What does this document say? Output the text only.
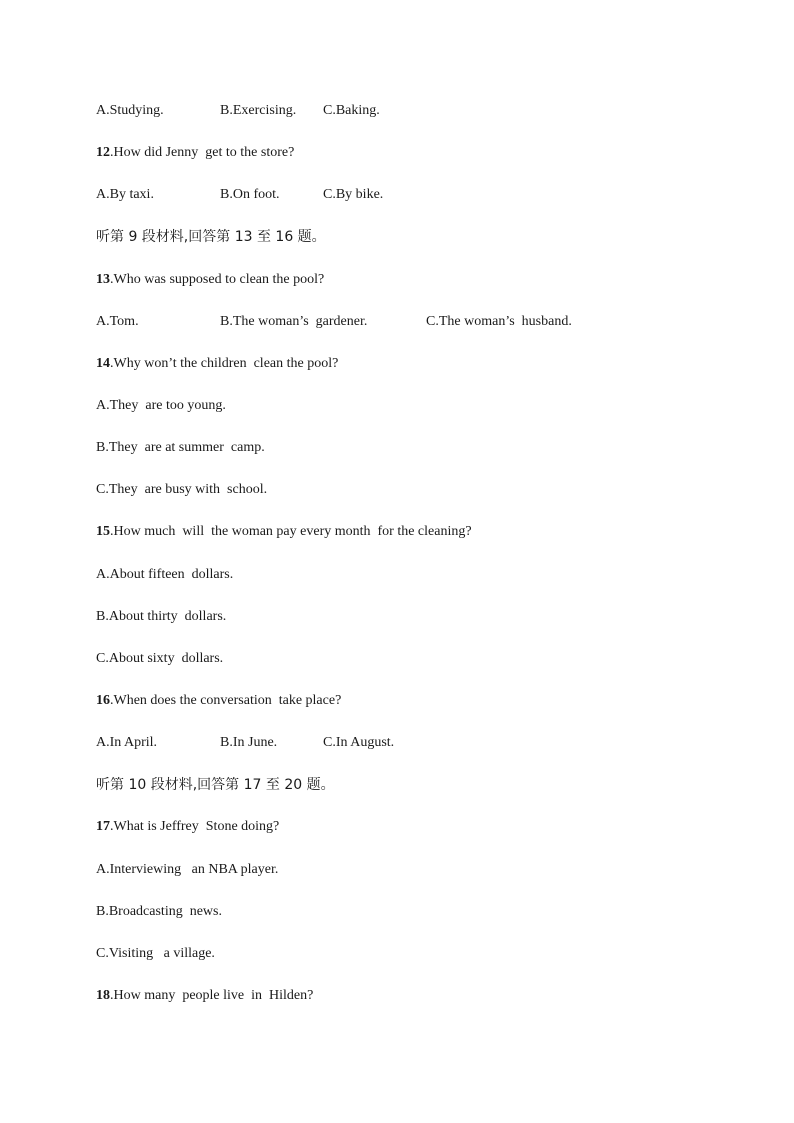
A.Studying.	B.Exercising. C.Baking.
12.How did Jenny  get to the store?
A.By taxi.	B.On foot.	C.By bike.
听第 9 段材料,回答第 13 至 16 题。
13.Who was supposed to clean the pool?
A.Tom.	B.The woman’s  gardener.	C.The woman’s  husband.
14.Why won’t the children  clean the pool?
A.They  are too young.
B.They  are at summer  camp.
C.They  are busy with  school.
15.How much  will  the woman pay every month  for the cleaning?
A.About fifteen  dollars.
B.About thirty  dollars.
C.About sixty  dollars.
16.When does the conversation  take place?
A.In April.	B.In June.	C.In August.
听第 10 段材料,回答第 17 至 20 题。
17.What is Jeffrey  Stone doing?
A.Interviewing   an NBA player.
B.Broadcasting  news.
C.Visiting   a village.
18.How many  people live  in  Hilden?
